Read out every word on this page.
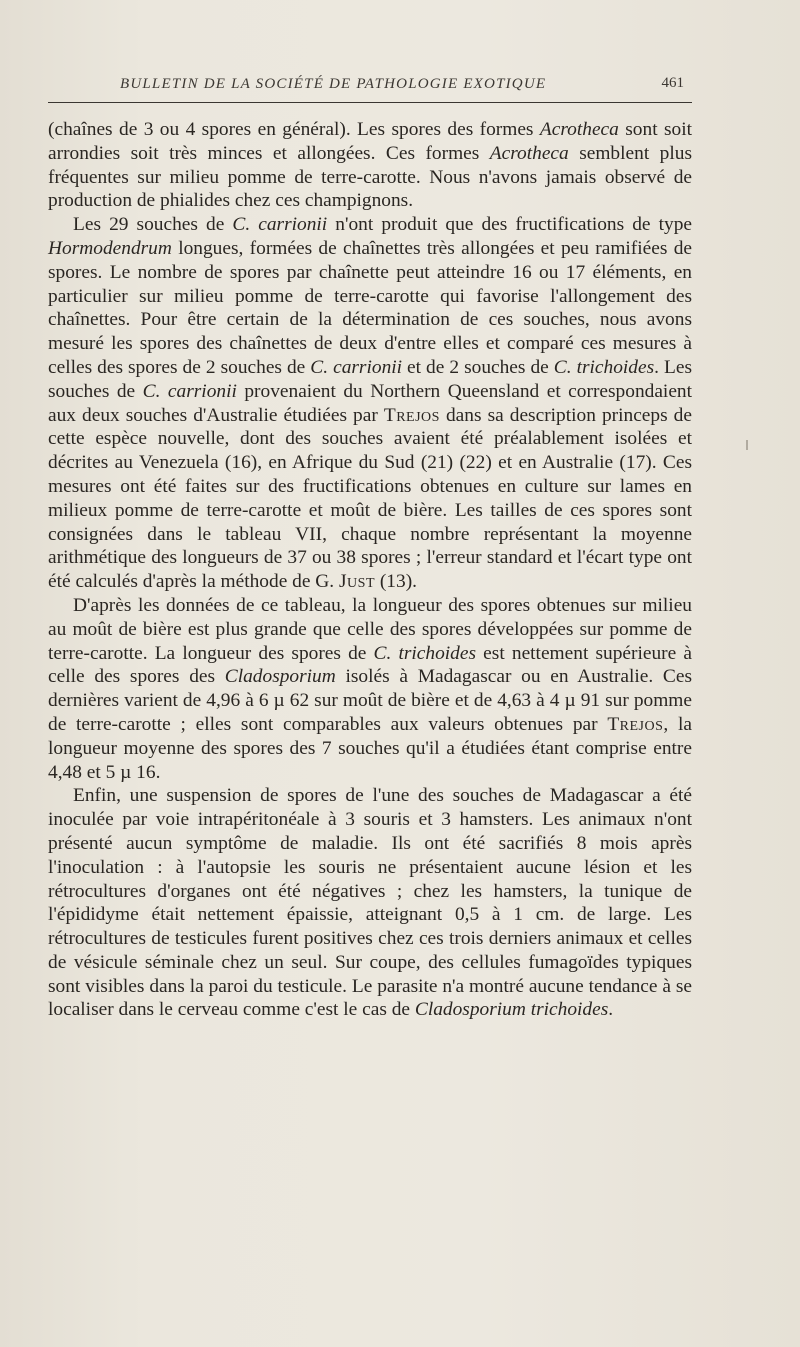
BULLETIN DE LA SOCIÉTÉ DE PATHOLOGIE EXOTIQUE	461

(chaînes de 3 ou 4 spores en général). Les spores des formes Acrotheca sont soit arrondies soit très minces et allongées. Ces formes Acrotheca semblent plus fréquentes sur milieu pomme de terre-carotte. Nous n'avons jamais observé de production de phialides chez ces champignons.

Les 29 souches de C. carrionii n'ont produit que des fructifications de type Hormodendrum longues, formées de chaînettes très allongées et peu ramifiées de spores. Le nombre de spores par chaînette peut atteindre 16 ou 17 éléments, en particulier sur milieu pomme de terre-carotte qui favorise l'allongement des chaînettes. Pour être certain de la détermination de ces souches, nous avons mesuré les spores des chaînettes de deux d'entre elles et comparé ces mesures à celles des spores de 2 souches de C. carrionii et de 2 souches de C. trichoides. Les souches de C. carrionii provenaient du Northern Queensland et correspondaient aux deux souches d'Australie étudiées par Trejos dans sa description princeps de cette espèce nouvelle, dont des souches avaient été préalablement isolées et décrites au Venezuela (16), en Afrique du Sud (21) (22) et en Australie (17). Ces mesures ont été faites sur des fructifications obtenues en culture sur lames en milieux pomme de terre-carotte et moût de bière. Les tailles de ces spores sont consignées dans le tableau VII, chaque nombre représentant la moyenne arithmétique des longueurs de 37 ou 38 spores ; l'erreur standard et l'écart type ont été calculés d'après la méthode de G. Just (13).

D'après les données de ce tableau, la longueur des spores obtenues sur milieu au moût de bière est plus grande que celle des spores développées sur pomme de terre-carotte. La longueur des spores de C. trichoides est nettement supérieure à celle des spores des Cladosporium isolés à Madagascar ou en Australie. Ces dernières varient de 4,96 à 6 µ 62 sur moût de bière et de 4,63 à 4 µ 91 sur pomme de terre-carotte ; elles sont comparables aux valeurs obtenues par Trejos, la longueur moyenne des spores des 7 souches qu'il a étudiées étant comprise entre 4,48 et 5 µ 16.

Enfin, une suspension de spores de l'une des souches de Madagascar a été inoculée par voie intrapéritonéale à 3 souris et 3 hamsters. Les animaux n'ont présenté aucun symptôme de maladie. Ils ont été sacrifiés 8 mois après l'inoculation : à l'autopsie les souris ne présentaient aucune lésion et les rétrocultures d'organes ont été négatives ; chez les hamsters, la tunique de l'épididyme était nettement épaissie, atteignant 0,5 à 1 cm. de large. Les rétrocultures de testicules furent positives chez ces trois derniers animaux et celles de vésicule séminale chez un seul. Sur coupe, des cellules fumagoïdes typiques sont visibles dans la paroi du testicule. Le parasite n'a montré aucune tendance à se localiser dans le cerveau comme c'est le cas de Cladosporium trichoides.
